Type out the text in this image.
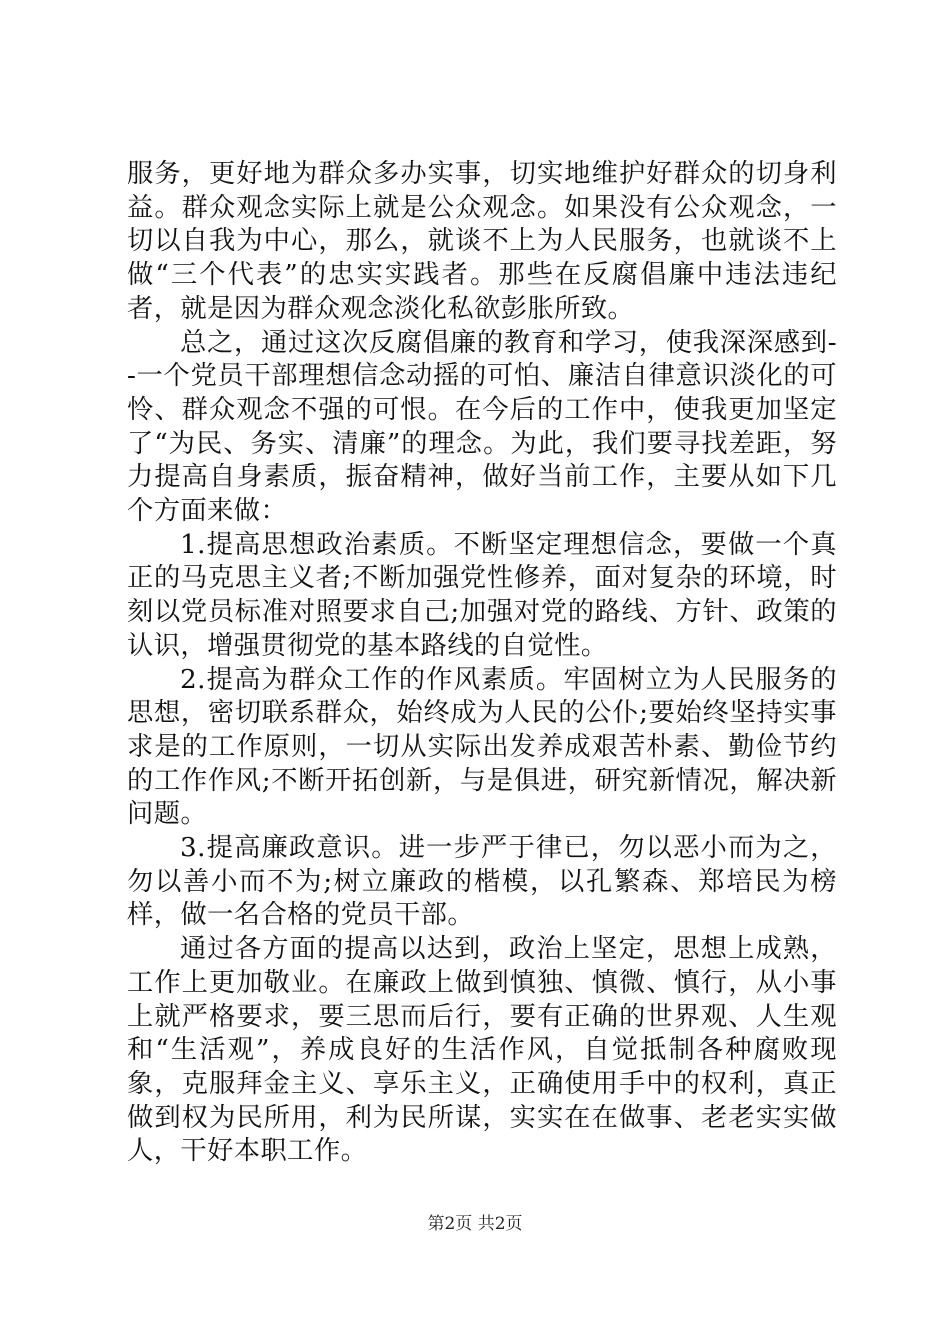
服务，更好地为群众多办实事，切实地维护好群众的切身利益。群众观念实际上就是公众观念。如果没有公众观念，一切以自我为中心，那么，就谈不上为人民服务，也就谈不上做“三个代表”的忠实实践者。那些在反腐倡廉中违法违纪者，就是因为群众观念淡化私欲彭胀所致。

总之，通过这次反腐倡廉的教育和学习，使我深深感到--一个党员干部理想信念动摇的可怕、廉洁自律意识淡化的可怜、群众观念不强的可恨。在今后的工作中，使我更加坚定了“为民、务实、清廉”的理念。为此，我们要寻找差距，努力提高自身素质，振奋精神，做好当前工作，主要从如下几个方面来做：

1.提高思想政治素质。不断坚定理想信念，要做一个真正的马克思主义者;不断加强党性修养，面对复杂的环境，时刻以党员标准对照要求自己;加强对党的路线、方针、政策的认识，增强贯彻党的基本路线的自觉性。

2.提高为群众工作的作风素质。牢固树立为人民服务的思想，密切联系群众，始终成为人民的公仆;要始终坚持实事求是的工作原则，一切从实际出发养成艰苦朴素、勤俭节约的工作作风;不断开拓创新，与是俱进，研究新情况，解决新问题。

3.提高廉政意识。进一步严于律已，勿以恶小而为之，勿以善小而不为;树立廉政的楷模，以孔繁森、郑培民为榜样，做一名合格的党员干部。

通过各方面的提高以达到，政治上坚定，思想上成熟，工作上更加敬业。在廉政上做到慎独、慎微、慎行，从小事上就严格要求，要三思而后行，要有正确的世界观、人生观和“生活观”，养成良好的生活作风，自觉抵制各种腐败现象，克服拜金主义、享乐主义，正确使用手中的权利，真正做到权为民所用，利为民所谋，实实在在做事、老老实实做人，干好本职工作。

第2页 共2页
